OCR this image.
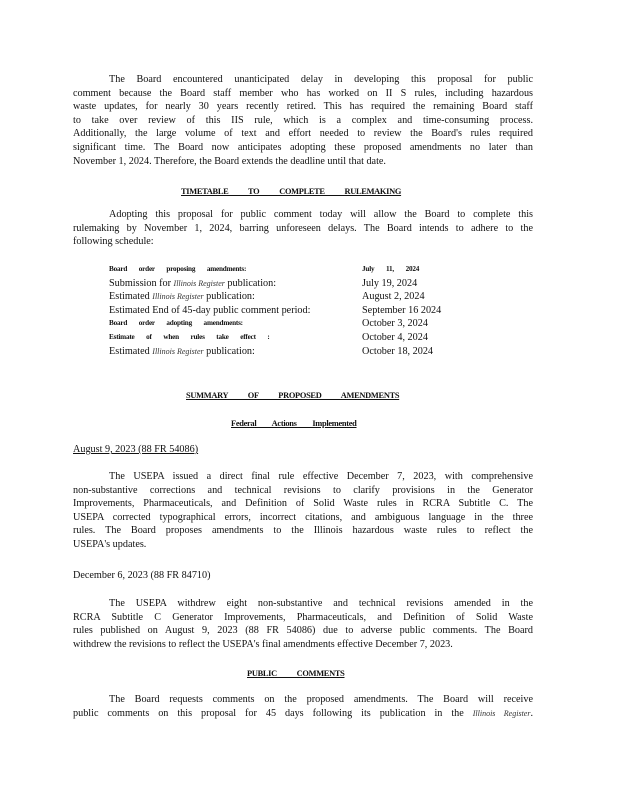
The Board encountered unanticipated delay in developing this proposal for public
comment because the Board staff member who has worked on II S rules, including hazardous
waste updates, for nearly 30 years recently retired. This has required the remaining Board staff
to take over review of this IIS rule, which is a complex and time-consuming process.
Additionally, the large volume of text and effort needed to review the Board's rules required
significant time. The Board now anticipates adopting these proposed amendments no later than
November 1, 2024. Therefore, the Board extends the deadline until that date.
TIMETABLE TO COMPLETE RULEMAKING
Adopting this proposal for public comment today will allow the Board to complete this
rulemaking by November 1, 2024, barring unforeseen delays. The Board intends to adhere to the
following schedule:
Board order proposing amendments:	July 11, 2024
Submission for Illinois Register publication:	July 19, 2024
Estimated Illinois Register publication:	August 2, 2024
Estimated End of 45-day public comment period:	September 16 2024
Board order adopting amendments:	October 3, 2024
Estimate of when rules take effect :	October 4, 2024
Estimated Illinois Register publication:	October 18, 2024
SUMMARY OF PROPOSED AMENDMENTS
Federal Actions Implemented
August 9, 2023 (88 FR 54086)
The USEPA issued a direct final rule effective December 7, 2023, with comprehensive
non-substantive corrections and technical revisions to clarify provisions in the Generator
Improvements, Pharmaceuticals, and Definition of Solid Waste rules in RCRA Subtitle C. The
USEPA corrected typographical errors, incorrect citations, and ambiguous language in the three
rules. The Board proposes amendments to the Illinois hazardous waste rules to reflect the
USEPA's updates.
December 6, 2023 (88 FR 84710)
The USEPA withdrew eight non-substantive and technical revisions amended in the
RCRA Subtitle C Generator Improvements, Pharmaceuticals, and Definition of Solid Waste
rules published on August 9, 2023 (88 FR 54086) due to adverse public comments. The Board
withdrew the revisions to reflect the USEPA's final amendments effective December 7, 2023.
PUBLIC COMMENTS
The Board requests comments on the proposed amendments. The Board will receive
public comments on this proposal for 45 days following its publication in the Illinois Register.
